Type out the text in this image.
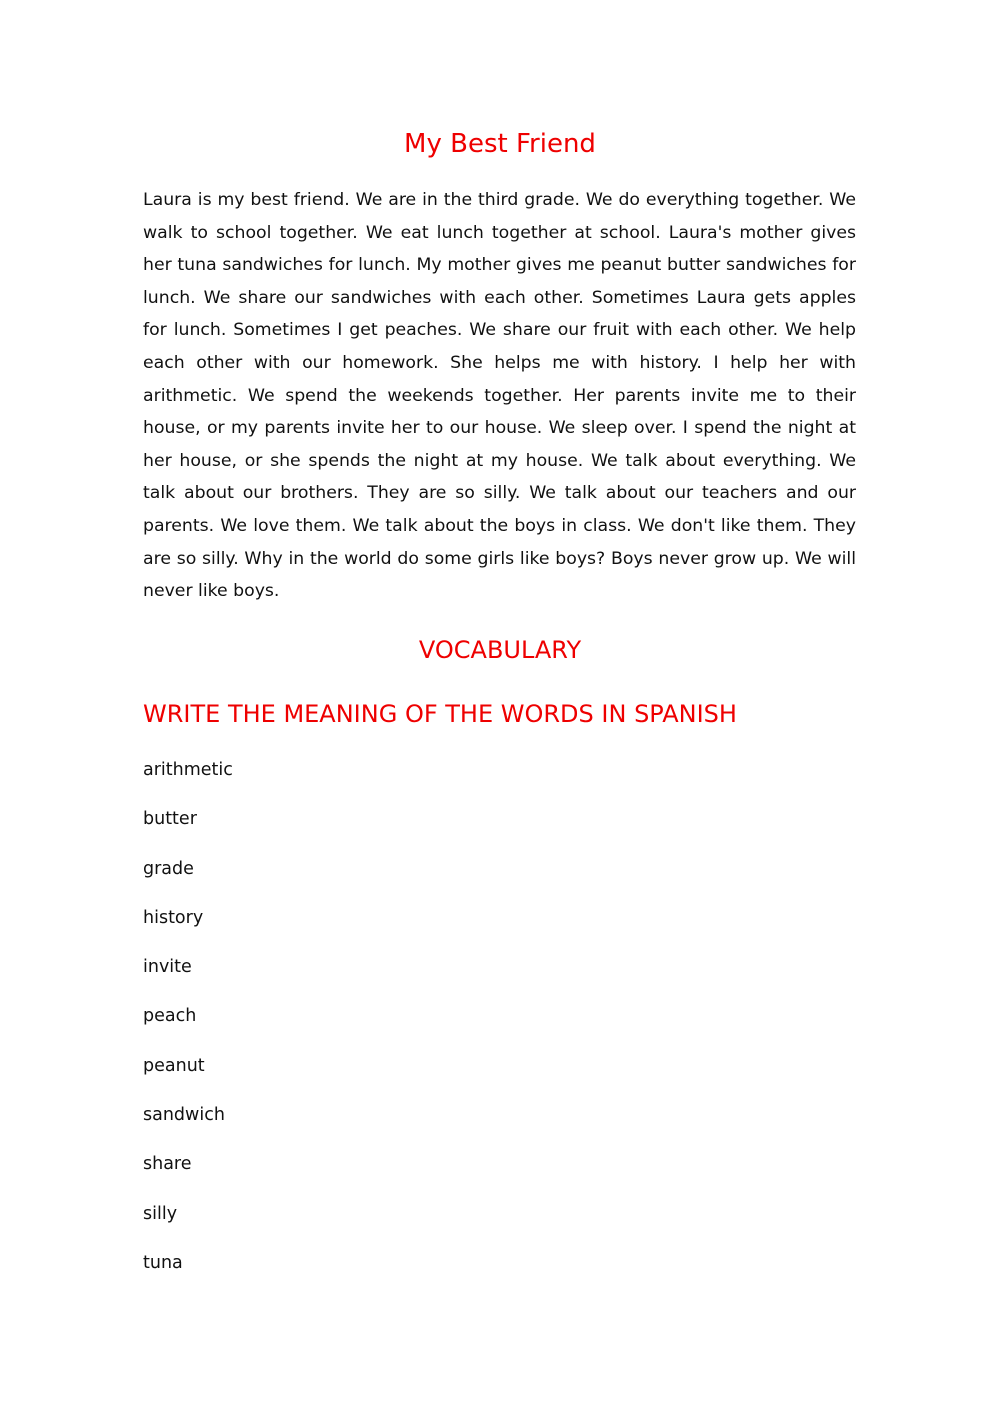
My Best Friend

Laura is my best friend. We are in the third grade. We do everything together. We walk to school together. We eat lunch together at school. Laura's mother gives her tuna sandwiches for lunch. My mother gives me peanut butter sandwiches for lunch. We share our sandwiches with each other. Sometimes Laura gets apples for lunch. Sometimes I get peaches. We share our fruit with each other. We help each other with our homework. She helps me with history. I help her with arithmetic. We spend the weekends together. Her parents invite me to their house, or my parents invite her to our house. We sleep over. I spend the night at her house, or she spends the night at my house. We talk about everything. We talk about our brothers. They are so silly. We talk about our teachers and our parents. We love them. We talk about the boys in class. We don't like them. They are so silly. Why in the world do some girls like boys? Boys never grow up. We will never like boys.

VOCABULARY
WRITE THE MEANING OF THE WORDS IN SPANISH
arithmetic
butter
grade
history
invite
peach
peanut
sandwich
share
silly
tuna
